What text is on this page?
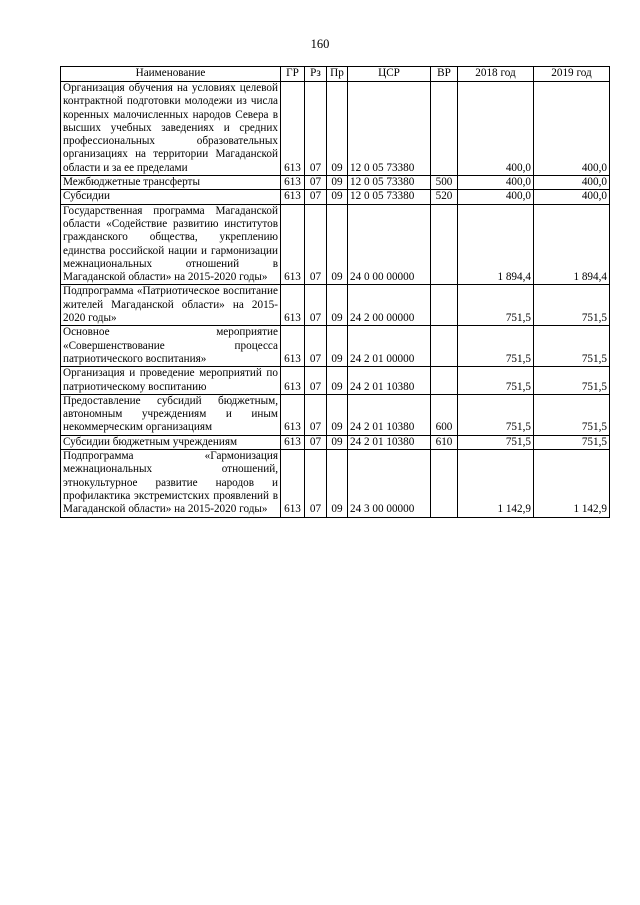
160
Наименование	ГР	Рз	Пр	ЦСР	ВР	2018 год	2019 год
Организация обучения на условиях целевой контрактной подготовки молодежи из числа коренных малочисленных народов Севера в высших учебных заведениях и средних профессиональных образовательных организациях на территории Магаданской области и за ее пределами	613	07	09	12 0 05 73380		400,0	400,0
Межбюджетные трансферты	613	07	09	12 0 05 73380	500	400,0	400,0
Субсидии	613	07	09	12 0 05 73380	520	400,0	400,0
Государственная программа Магаданской области «Содействие развитию институтов гражданского общества, укреплению единства российской нации и гармонизации межнациональных отношений в Магаданской области» на 2015-2020 годы»	613	07	09	24 0 00 00000		1 894,4	1 894,4
Подпрограмма «Патриотическое воспитание жителей Магаданской области» на 2015-2020 годы»	613	07	09	24 2 00 00000		751,5	751,5
Основное мероприятие «Совершенствование процесса патриотического воспитания»	613	07	09	24 2 01 00000		751,5	751,5
Организация и проведение мероприятий по патриотическому воспитанию	613	07	09	24 2 01 10380		751,5	751,5
Предоставление субсидий бюджетным, автономным учреждениям и иным некоммерческим организациям	613	07	09	24 2 01 10380	600	751,5	751,5
Субсидии бюджетным учреждениям	613	07	09	24 2 01 10380	610	751,5	751,5
Подпрограмма «Гармонизация межнациональных отношений, этнокультурное развитие народов и профилактика экстремистских проявлений в Магаданской области» на 2015-2020 годы»	613	07	09	24 3 00 00000		1 142,9	1 142,9
